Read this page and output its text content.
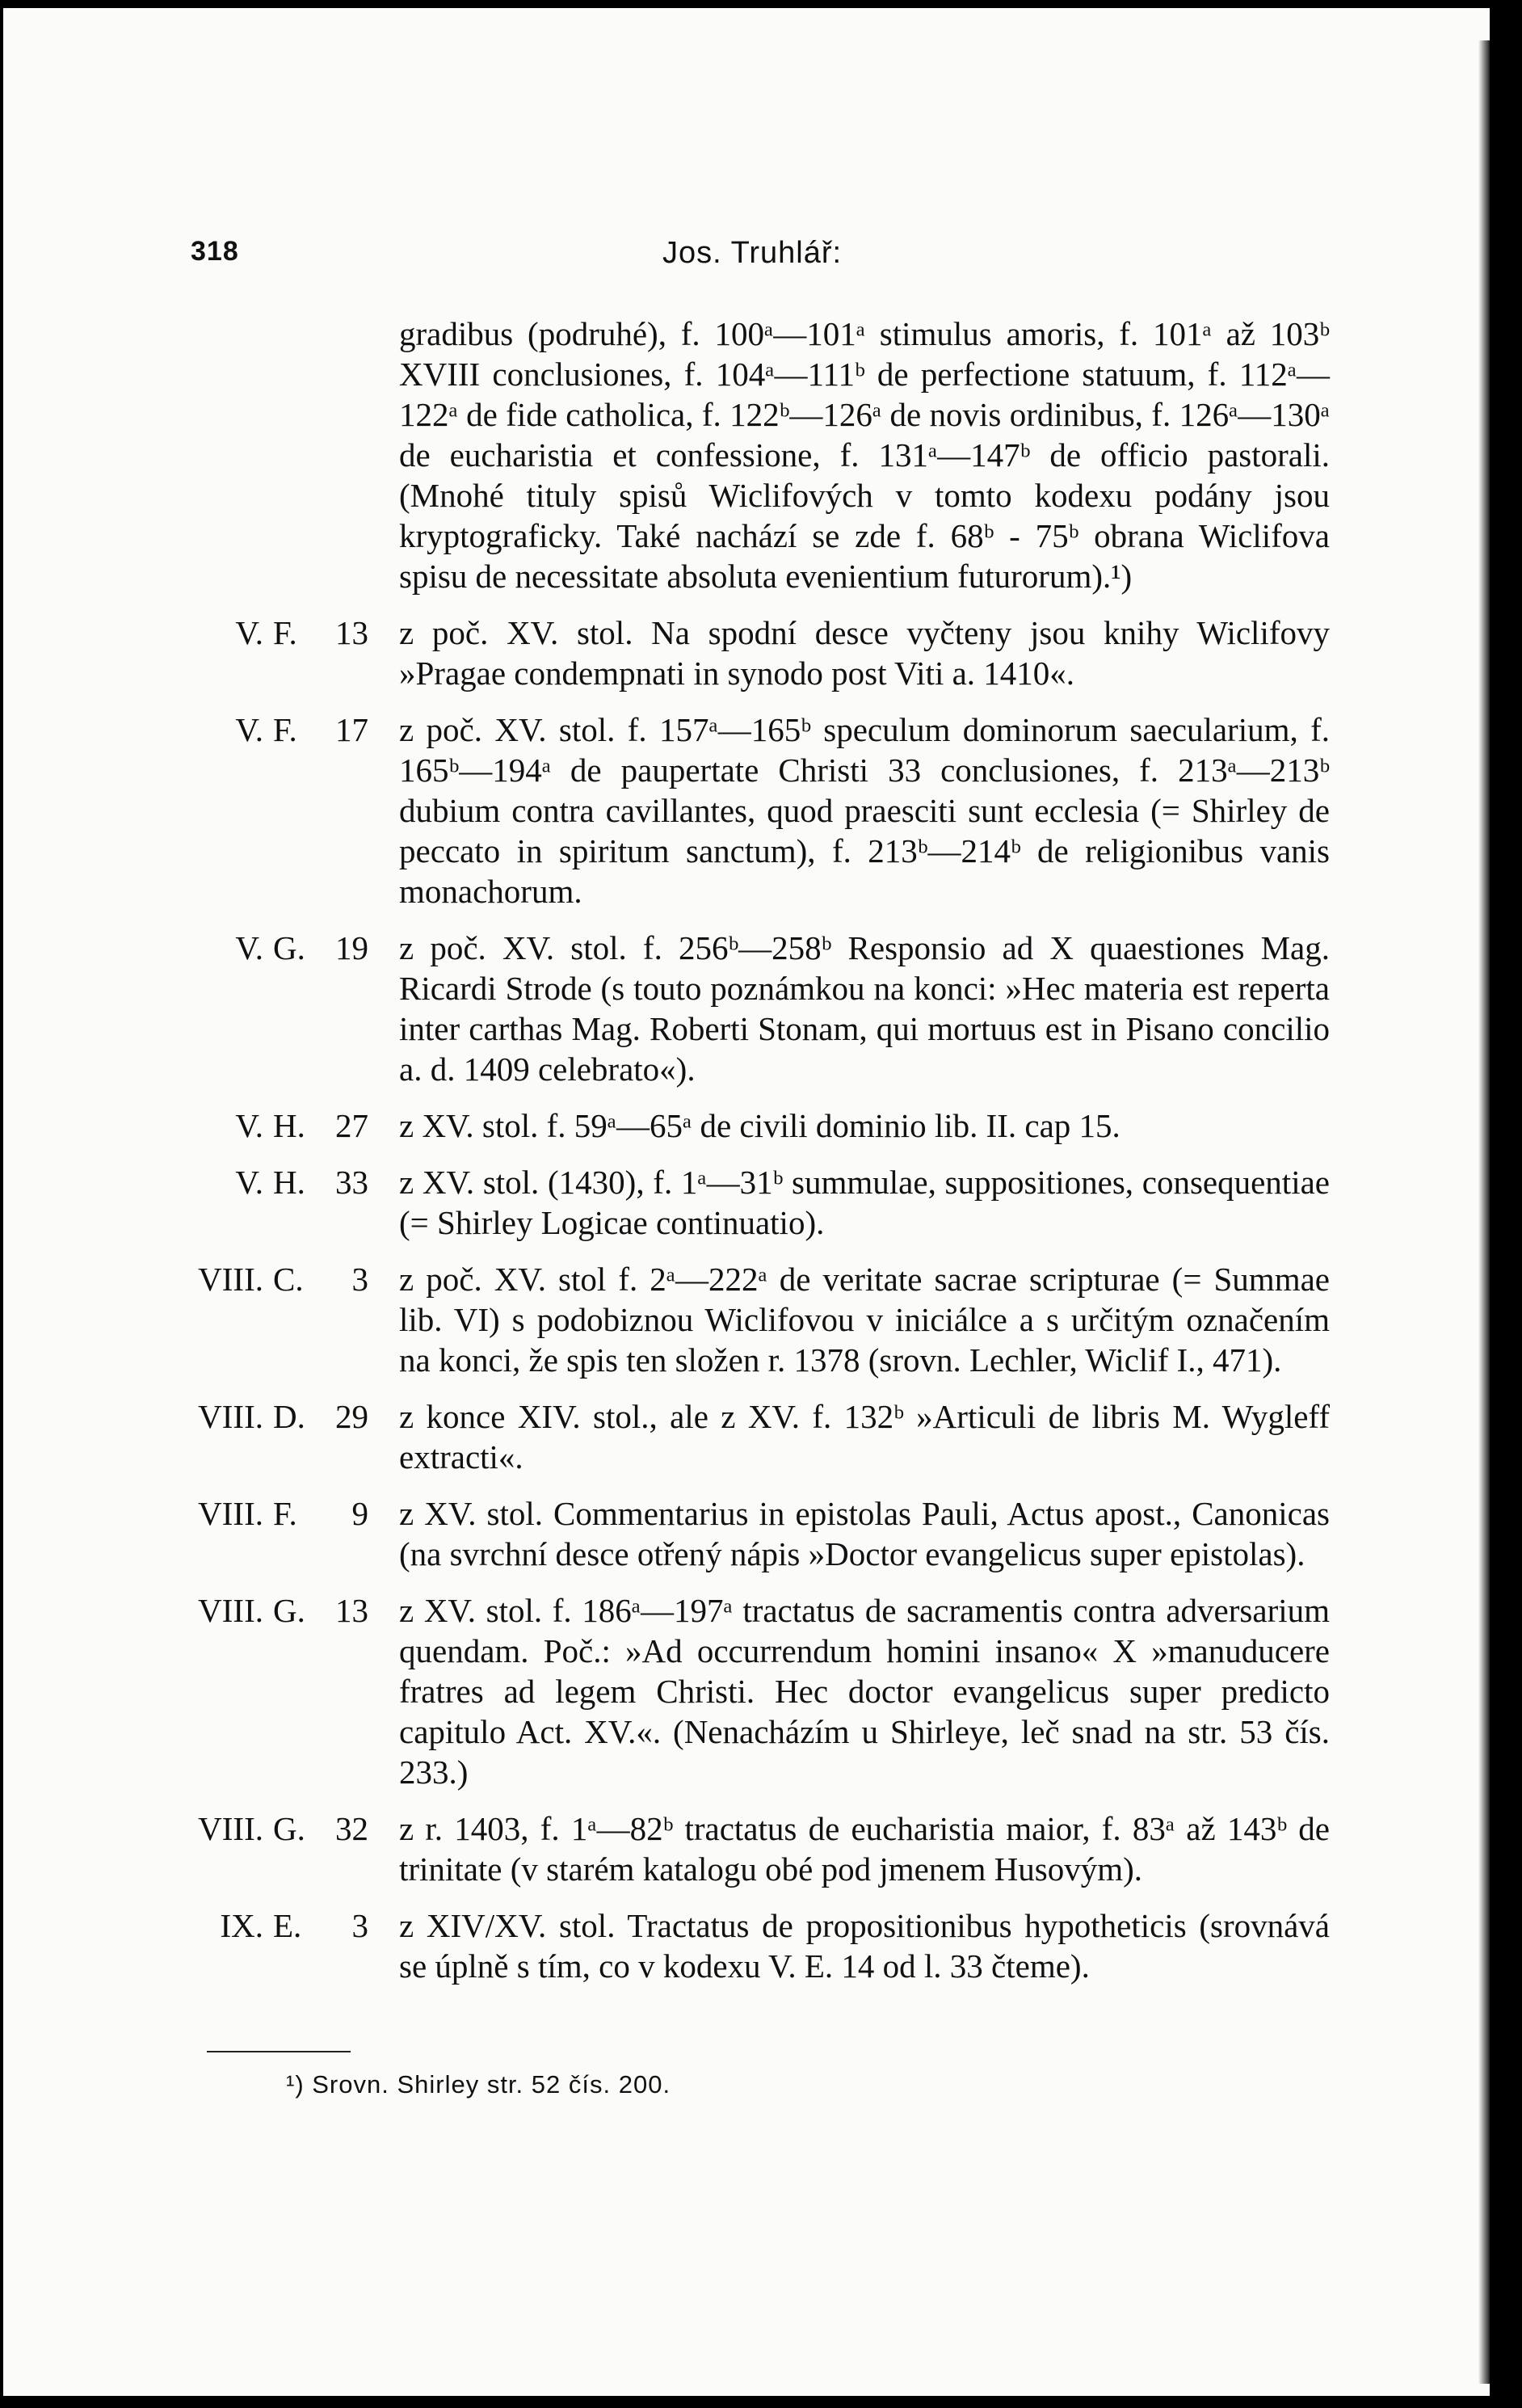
318	Jos. Truhlář:
gradibus (podruhé), f. 100ᵃ—101ᵃ stimulus amoris, f. 101ᵃ až 103ᵇ XVIII conclusiones, f. 104ᵃ—111ᵇ de perfectione statuum, f. 112ᵃ—122ᵃ de fide catholica, f. 122ᵇ—126ᵃ de novis ordinibus, f. 126ᵃ—130ᵃ de eucharistia et confessione, f. 131ᵃ—147ᵇ de officio pastorali. (Mnohé tituly spisů Wiclifových v tomto kodexu podány jsou kryptograficky. Také nachází se zde f. 68ᵇ - 75ᵇ obrana Wiclifova spisu de necessitate absoluta evenientium futurorum).¹)
V. F.	13 z poč. XV. stol. Na spodní desce vyčteny jsou knihy Wiclifovy »Pragae condempnati in synodo post Viti a. 1410«.
V. F.	17 z poč. XV. stol. f. 157ᵃ—165ᵇ speculum dominorum saecularium, f. 165ᵇ—194ᵃ de paupertate Christi 33 conclusiones, f. 213ᵃ—213ᵇ dubium contra cavillantes, quod praesciti sunt ecclesia (= Shirley de peccato in spiritum sanctum), f. 213ᵇ—214ᵇ de religionibus vanis monachorum.
V. G. 19 z poč. XV. stol. f. 256ᵇ—258ᵇ Responsio ad X quaestiones Mag. Ricardi Strode (s touto poznámkou na konci: »Hec materia est reperta inter carthas Mag. Roberti Stonam, qui mortuus est in Pisano concilio a. d. 1409 celebrato«).
V. H. 27 z XV. stol. f. 59ᵃ—65ᵃ de civili dominio lib. II. cap 15.
V. H. 33 z XV. stol. (1430), f. 1ᵃ—31ᵇ summulae, suppositiones, consequentiae (= Shirley Logicae continuatio).
VIII. C.	3 z poč. XV. stol f. 2ᵃ—222ᵃ de veritate sacrae scripturae (= Summae lib. VI) s podobiznou Wiclifovou v iniciálce a s určitým označením na konci, že spis ten složen r. 1378 (srovn. Lechler, Wiclif I., 471).
VIII. D. 29 z konce XIV. stol., ale z XV. f. 132ᵇ »Articuli de libris M. Wygleff extracti«.
VIII. F.	9 z XV. stol. Commentarius in epistolas Pauli, Actus apost., Canonicas (na svrchní desce otřený nápis »Doctor evangelicus super epistolas).
VIII. G. 13 z XV. stol. f. 186ᵃ—197ᵃ tractatus de sacramentis contra adversarium quendam. Poč.: »Ad occurrendum homini insano« X »manuducere fratres ad legem Christi. Hec doctor evangelicus super predicto capitulo Act. XV.«. (Nenacházím u Shirleye, leč snad na str. 53 čís. 233.)
VIII. G. 32 z r. 1403, f. 1ᵃ—82ᵇ tractatus de eucharistia maior, f. 83ᵃ až 143ᵇ de trinitate (v starém katalogu obé pod jmenem Husovým).
IX. E.	3 z XIV/XV. stol. Tractatus de propositionibus hypotheticis (srovnává se úplně s tím, co v kodexu V. E. 14 od l. 33 čteme).
¹) Srovn. Shirley str. 52 čís. 200.
